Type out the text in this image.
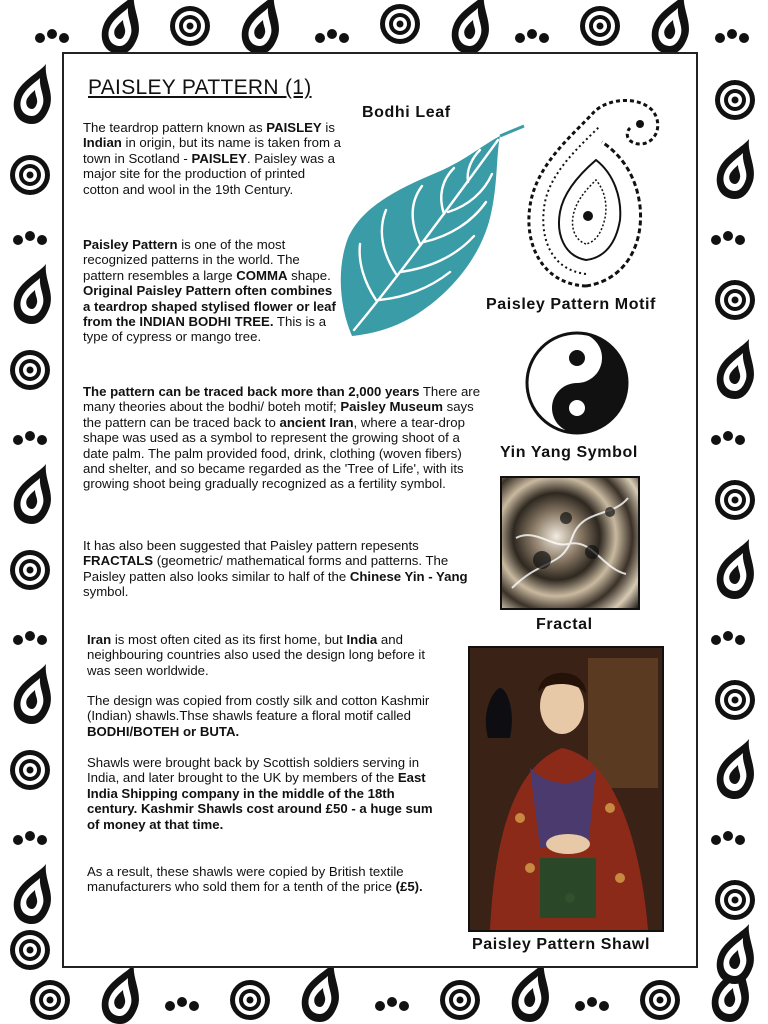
PAISLEY PATTERN (1)
Bodhi Leaf
Paisley Pattern Motif
Yin Yang Symbol
Fractal
Paisley Pattern Shawl

The teardrop pattern known as PAISLEY is Indian in origin, but its name is taken from a town in Scotland - PAISLEY. Paisley was a major site for the production of printed cotton and wool in the 19th Century.

Paisley Pattern is one of the most recognized patterns in the world. The pattern resembles a large COMMA shape. Original Paisley Pattern often combines a teardrop shaped stylised flower or leaf from the INDIAN BODHI TREE. This is a type of cypress or mango tree.

The pattern can be traced back more than 2,000 years There are many theories about the bodhi/ boteh motif; Paisley Museum says the pattern can be traced back to ancient Iran, where a tear-drop shape was used as a symbol to represent the growing shoot of a date palm. The palm provided food, drink, clothing (woven fibers) and shelter, and so became regarded as the 'Tree of Life', with its growing shoot being gradually recognized as a fertility symbol.

It has also been suggested that Paisley pattern repesents FRACTALS (geometric/ mathematical forms and patterns. The Paisley patten also looks similar to half of the Chinese Yin - Yang symbol.

Iran is most often cited as its first home, but India and neighbouring countries also used the design long before it was seen worldwide.

The design was copied from costly silk and cotton Kashmir (Indian) shawls.Thse shawls feature a floral motif called BODHI/BOTEH or BUTA.

Shawls were brought back by Scottish soldiers serving in India, and later brought to the UK by members of the East India Shipping company in the middle of the 18th century. Kashmir Shawls cost around £50 - a huge sum of money at that time.

As a result, these shawls were copied by British textile manufacturers who sold them for a tenth of the price (£5).
